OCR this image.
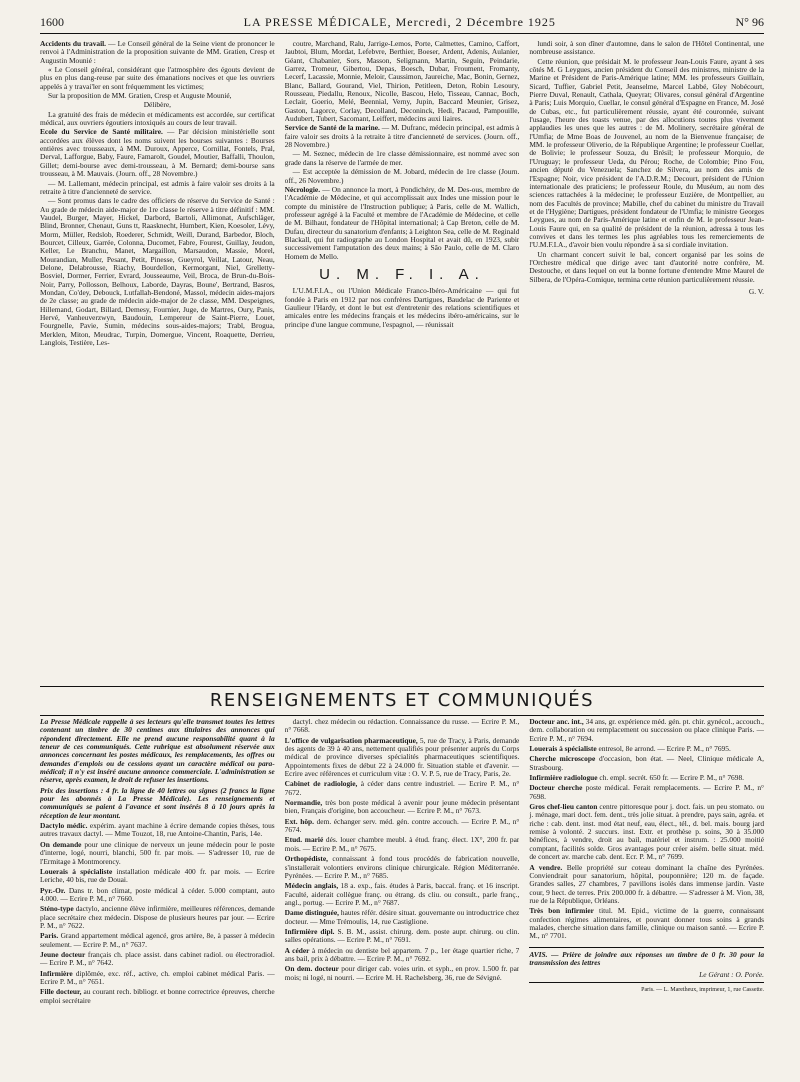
1600	LA PRESSE MÉDICALE, Mercredi, 2 Décembre 1925	N° 96

Accidents du travail. — Le Conseil général de la Seine vient de prononcer le renvoi à l'Administration de la proposition suivante de MM. Gratien, Cresp et Augustin Mounié :

« Le Conseil général, considérant que l'atmosphère des égouts devient de plus en plus dang-reuse par suite des émanations nocives et que les ouvriers appelés à y travai'ler en sont fréquemment les victimes;

Sur la proposition de MM. Gratien, Cresp et Auguste Mounié,

Délibère,

La gratuité des frais de médecin et médicaments est accordée, sur certificat médical, aux ouvriers égoutiers intoxiqués au cours de leur travail.

Ecole du Service de Santé militaire. — Par décision ministérielle sont accordées aux élèves dont les noms suivent les bourses suivantes : Bourses entières avec trousseaux, à MM. Duroux, Apperce, Cornillat, Fontels, Pral, Derval, Lafforgue, Baby, Faure, Famarolt, Goudel, Moutier, Baffalli, Thoulon, Gillet; demi-bourse avec demi-trousseau, à M. Bernard; demi-bourse sans trousseau, à M. Mauvais. (Journ. off., 28 Novembre.)

— M. Lallemant, médecin principal, est admis à faire valoir ses droits à la retraite à titre d'ancienneté de service.

— Sont promus dans le cadre des officiers de réserve du Service de Santé : Au grade de médecin aide-major de 1re classe le réserve à titre définitif : MM. Vaudel, Burger, Mayer, Hickel, Darbord, Bartoli, Allimonat, Aufschläger, Blind, Bronner, Chenaut, Guns tt, Raasknecht, Humbert, Kien, Koesoler, Lévy, Morm, Müller, Redslob, Roederer, Schmidt, Weill, Durand, Barbedor, Bloch, Bourcet, Cilleux, Garrée, Colonna, Ducomet, Fabre, Fourest, Guillay, Jeudon, Keller, Le Branchu, Manet, Margaillon, Marsaudon, Massie, Morel, Mourandian, Muller, Pesant, Petit, Pinesse, Gueyrol, Veillat, Latour, Neau, Delone, Delabrousse, Riachy, Bourdellon, Kermorgant, Niel, Grelletty-Bosviel, Dormer, Ferrier, Evrard, Jousseaume, Veil, Broca, de Brun-du-Bois-Noir, Parry, Pollosson, Belhoux, Laborde, Dayras, Boune', Bertrand, Basros, Mondan, Co'dey, Debouck, Lutfallah-Bendoné, Massol, médecin aides-majors de 2e classe; au grade de médecin aide-major de 2e classe, MM. Despeignes, Hillemand, Godart, Billard, Demesy, Fournier, Juge, de Martres, Oury, Panis, Hervé, Vanheuverzwyn, Baudouin, Lempereur de Saint-Pierre, Louet, Fourgnelle, Pavie, Sumin, médecins sous-aides-majors; Trabl, Brogua, Merklen, Miton, Meudrac, Turpin, Domergue, Vincent, Roaquette, Derrieu, Langlois, Testière, Les-

coutre, Marchand, Ralu, Jarrige-Lemos, Porte, Calmettes, Camino, Caffort, Jaubtoi, Blum, Mordat, Lefebvre, Berthier, Boeser, Ardent, Adenis, Aulanier, Géant, Chabanier, Sors, Masson, Seligmann, Martin, Seguin, Peindarie, Garrez, Tromeur, Gibertou, Depas, Boesch, Dubar, Froument, Fromanty, Lecerf, Lacassie, Monnie, Meloir, Caussimon, Jaureiche, Mac, Bonin, Gernez, Blanc, Ballard, Gourand, Viel, Thirion, Petitleen, Deton, Robin Lesoury, Rousseau, Piedallu, Renoux, Nicolle, Bascou, Helo, Tisseau, Cannac, Boch, Leclair, Goerio, Melé, Beennial, Verny, Jupin, Baccard Meunier, Grisez, Gaston, Lagorce, Corlay, Decolland, Deconinck, Hedi, Pacaud, Pampouille, Audubert, Tubert, Sacomant, Leiffert, médecins auxi liaires.

Service de Santé de la marine. — M. Dufranc, médecin principal, est admis à faire valoir ses droits à la retraite à titre d'ancienneté de services. (Journ. off., 28 Novembre.)

— M. Seznec, médecin de 1re classe démissionnaire, est nommé avec son grade dans la réserve de l'armée de mer.

— Est acceptée la démission de M. Jobard, médecin de 1re classe (Journ. off., 26 Novembre.)

Nécrologie. — On annonce la mort, à Pondichéry, de M. Des-ous, membre de l'Académie de Médecine, et qui accomplissait aux Indes une mission pour le compte du ministère de l'Instruction publique; à Paris, celle de M. Wallich, professeur agrégé à la Faculté et membre de l'Académie de Médecine, et celle de M. Bilhaut, fondateur de l'Hôpital international; à Cap Breton, celle de M. Dufau, directeur du sanatorium d'enfants; à Leighton Sea, celle de M. Reginald Blackall, qui fut radiographe au London Hospital et avait dû, en 1923, subir successivement l'amputation des deux mains; à São Paulo, celle de M. Claro Homem de Mello.

U. M. F. I. A.

L'U.M.F.I.A., ou l'Union Médicale Franco-Ibéro-Américaine — qui fut fondée à Paris en 1912 par nos confrères Dartigues, Baudelac de Pariente et Gaulieur l'Hardy, et dont le but est d'entretenir des relations scientifiques et amicales entre les médecins français et les médecins ibéro-américains, sur le principe d'une langue commune, l'espagnol, — réunissait

lundi soir, à son dîner d'automne, dans le salon de l'Hôtel Continental, une nombreuse assistance.

Cette réunion, que présidait M. le professeur Jean-Louis Faure, ayant à ses côtés M. G Leygues, ancien président du Conseil des ministres, ministre de la Marine et Président de Paris-Amérique latine; MM. les professeurs Guillain, Sicard, Tuffier, Gabriel Petit, Jeanselme, Marcel Labbé, Gley Nobécourt, Pierre Duval, Renault, Cathala, Queyrat; Olivares, consul général d'Argentine à Paris; Luis Morquio, Cuellar, le consul général d'Espagne en France, M. José de Cubas, etc., fut particulièrement réussie, ayant été couronnée, suivant l'usage, l'heure des toasts venue, par des allocutions toutes plus vivement applaudies les unes que les autres : de M. Molinery, secrétaire général de l'Umfia; de Mme Boas de Jouvenel, au nom de la Bienvenue française; de MM. le professeur Oliverio, de la République Argentine; le professeur Cuellar, de Bolivie; le professeur Souza, du Brésil; le professeur Morquio, de l'Uruguay; le professeur Ueda, du Pérou; Roche, de Colombie; Pino Fou, ancien député du Venezuela; Sanchez de Silvera, au nom des amis de l'Espagne; Noir, vice président de l'A.D.R.M.; Decourt, président de l'Union internationale des praticiens; le professeur Roule, du Muséum, au nom des sciences rattachées à la médecine; le professeur Euzière, de Montpellier, au nom des Facultés de province; Mabille, chef du cabinet du ministre du Travail et de l'Hygiène; Dartigues, président fondateur de l'Umfia; le ministre Georges Leygues, au nom de Paris-Amérique latine et enfin de M. le professeur Jean-Louis Faure qui, en sa qualité de président de la réunion, adressa à tous les convives et dans les termes les plus agréables tous les remerciements de l'U.M.F.I.A., d'avoir bien voulu répondre à sa si cordiale invitation.

Un charmant concert suivit le bal, concert organisé par les soins de l'Orchestre médical que dirige avec tant d'autorité notre confrère, M. Destouche, et dans lequel on eut la bonne fortune d'entendre Mme Maurel de Silbera, de l'Opéra-Comique, termina cette réunion particulièrement réussie.

G. V.

RENSEIGNEMENTS ET COMMUNIQUÉS

La Presse Médicale rappelle à ses lecteurs qu'elle transmet toutes les lettres contenant un timbre de 30 centimes aux titulaires des annonces qui répondent directement. Elle ne prend aucune responsabilité quant à la teneur de ces communiqués. Cette rubrique est absolument réservée aux annonces concernant les postes médicaux, les remplacements, les offres ou demandes d'emplois ou de cessions ayant un caractère médical ou para-médical; il n'y est inséré aucune annonce commerciale. L'administration se réserve, après examen, le droit de refuser les insertions.

Prix des insertions : 4 fr. la ligne de 40 lettres ou signes (2 francs la ligne pour les abonnés à La Presse Médicale). Les renseignements et communiqués se paient à l'avance et sont insérés 8 à 10 jours après la réception de leur montant.

Dactylo médic. expérim. ayant machine à écrire demande copies thèses, tous autres travaux dactyl. — Mme Touzot, 18, rue Antoine-Chantin, Paris, 14e.

On demande pour une clinique de nerveux un jeune médecin pour le poste d'interne, logé, nourri, blanchi, 500 fr. par mois. — S'adresser 10, rue de l'Ermitage à Montmorency.

Louerais à spécialiste installation médicale 400 fr. par mois. — Ecrire Leriche, 40 bis, rue de Douai.

Pyr.-Or. Dans tr. bon climat, poste médical à céder. 5.000 comptant, auto 4.000. — Ecrire P. M., n° 7660.

Sténo-type dactylo, ancienne élève infirmière, meilleures références, demande place secrétaire chez médecin. Dispose de plusieurs heures par jour. — Ecrire P. M., n° 7622.

Paris. Grand appartement médical agencé, gros artère, 8e, à passer à médecin seulement. — Ecrire P. M., n° 7637.

Jeune docteur français ch. place assist. dans cabinet radiol. ou électroradiol. — Ecrire P. M., n° 7642.

Infirmière diplômée, exc. réf., active, ch. emploi cabinet médical Paris. — Ecrire P. M., n° 7651.

Fille docteur, au courant rech. bibliogr. et bonne correctrice épreuves, cherche emploi secrétaire

dactyl. chez médecin ou rédaction. Connaissance du russe. — Ecrire P. M., n° 7668.

L'office de vulgarisation pharmaceutique, 5, rue de Tracy, à Paris, demande des agents de 39 à 40 ans, nettement qualifiés pour présenter auprès du Corps médical de province diverses spécialités pharmaceutiques scientifiques. Appointements fixes de début 22 à 24.000 fr. Situation stable et d'avenir. — Ecrire avec références et curriculum vitæ : O. V. P. 5, rue de Tracy, Paris, 2e.

Cabinet de radiologie, à céder dans centre industriel. — Ecrire P. M., n° 7672.

Normandie, très bon poste médical à avenir pour jeune médecin présentant bien, Français d'origine, bon accoucheur. — Ecrire P. M., n° 7673.

Ext. hôp. dem. échanger serv. méd. gén. contre accouch. — Ecrire P. M., n° 7674.

Etud. marié dés. louer chambre meubl. à étud. franç. élect. 1X°, 200 fr. par mois. — Ecrire P. M., n° 7675.

Orthopédiste, connaissant à fond tous procédés de fabrication nouvelle, s'installerait volontiers environs clinique chirurgicale. Région Méditerranée. Pyrénées. — Ecrire P. M., n° 7685.

Médecin anglais, 18 a. exp., fais. études à Paris, baccal. franç. et 16 inscript. Faculté, aiderait collègue franç. ou étrang. ds cliu. ou consult., parle franç., angl., portug. — Ecrire P. M., n° 7687.

Dame distinguée, hautes référ. désire situat. gouvernante ou introductrice chez docteur. — Mme Trémoulis, 14, rue Castiglione.

Infirmière dipl. S. B. M., assist. chirurg. dem. poste aupr. chirurg. ou clin. salles opérations. — Ecrire P. M., n° 7691.

A céder à médecin ou dentiste bel appartem. 7 p., 1er étage quartier riche, 7 ans bail, prix à débattre. — Ecrire P. M., n° 7692.

On dem. docteur pour diriger cab. voies urin. et syph., en prov. 1.500 fr. par mois; ni logé, ni nourri. — Ecrire M. H. Rachelsberg, 36, rue de Sévigné.

Docteur anc. int., 34 ans, gr. expérience méd. gén. pt. chir. gynécol., accouch., dem. collaboration ou remplacement ou succession ou place clinique Paris. — Ecrire P. M., n° 7694.

Louerais à spécialiste entresol, 8e arrond. — Ecrire P. M., n° 7695.

Cherche microscope d'occasion, bon état. — Neel, Clinique médicale A, Strasbourg.

Infirmière radiologue ch. empl. secrét. 650 fr. — Ecrire P. M., n° 7698.

Docteur cherche poste médical. Ferait remplacements. — Ecrire P. M., n° 7698.

Gros chef-lieu canton centre pittoresque pour j. doct. fais. un peu stomato. ou j. ménage, mari doct. fem. dent., très jolie situat. à prendre, pays sain, agréa. et riche : cab. dent. inst. mod état neuf, eau, élect., tél., d. bel. mais. bourg jard remise à volonté. 2 succurs. inst. Extr. et prothèse p. soins, 30 à 35.000 bénéfices, à vendre, droit au bail, matériel et instrum. : 25.000 moitié comptant, facilités solde. Gros avantages pour créer aisém. belle situat. méd. de concert av. marche cab. dent. Ecr. P. M., n° 7699.

A vendre. Belle propriété sur coteau dominant la chaîne des Pyrénées. Conviendrait pour sanatorium, hôpital, pouponnière; 120 m. de façade. Grandes salles, 27 chambres, 7 pavillons isolés dans immense jardin. Vaste cour, 9 hect. de terres. Prix 200.000 fr. à débattre. — S'adresser à M. Vion, 38, rue de la République, Orléans.

Très bon infirmier titul. M. Epid., victime de la guerre, connaissant confection régimes alimentaires, et pouvant donner tous soins à grands malades, cherche situation dans famille, clinique ou maison santé. — Ecrire P. M., n° 7701.

AVIS. — Prière de joindre aux réponses un timbre de 0 fr. 30 pour la transmission des lettres

Le Gérant : O. Porée.

Paris. — L. Maretheux, imprimeur, 1, rue Cassette.
